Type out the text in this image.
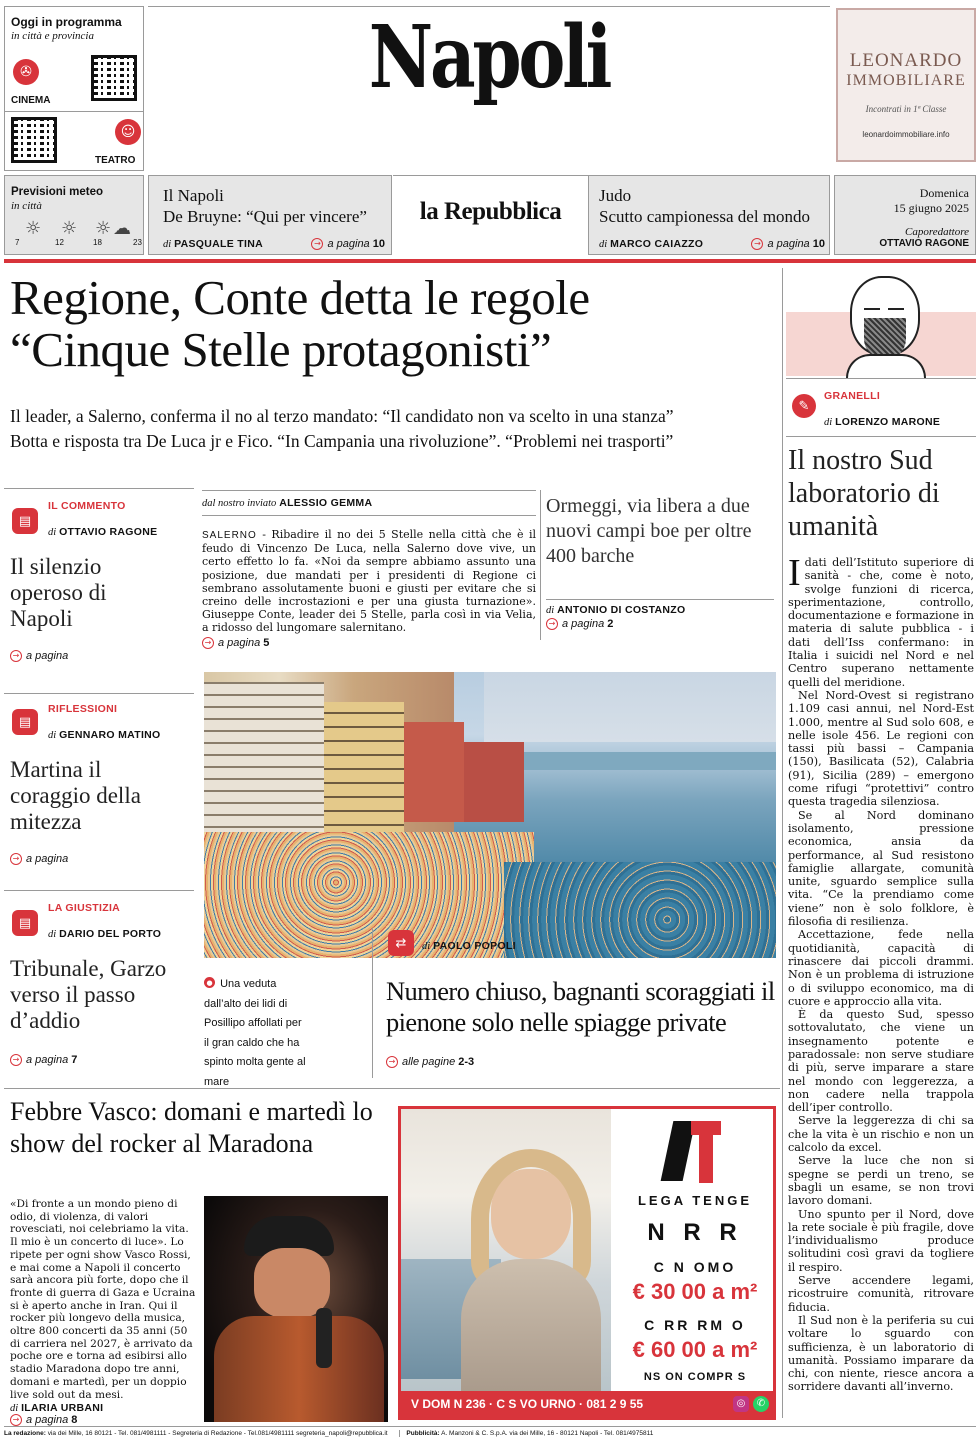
Oggi in programma
in città e provincia
✇
CINEMA
☺
TEATRO
Napoli	LEONARDO
IMMOBILIARE
Incontrati in 1ª Classe
leonardoimmobiliare.info
Previsioni meteo
in città
☼ ☼ ☼ ☁
7	12	18	23
Il Napoli
De Bruyne: “Qui per vincere”
di PASQUALE TINA	→ a pagina 10
la Repubblica
Judo
Scutto campionessa del mondo
di MARCO CAIAZZO	→ a pagina 10
Domenica
15 giugno 2025
Caporedattore
OTTAVIO RAGONE
Regione, Conte detta le regole
“Cinque Stelle protagonisti”
Il leader, a Salerno, conferma il no al terzo mandato: “Il candidato non va scelto in una stanza”
Botta e risposta tra De Luca jr e Fico. “In Campania una rivoluzione”. “Problemi nei trasporti”
▤
IL COMMENTO
di OTTAVIO RAGONE
Il silenzio operoso di Napoli
→ a pagina
▤
RIFLESSIONI
di GENNARO MATINO
Martina il coraggio della mitezza
→ a pagina
▤
LA GIUSTIZIA
di DARIO DEL PORTO
Tribunale, Garzo verso il passo d’addio
→ a pagina 7
dal nostro inviato ALESSIO GEMMA

SALERNO - Ribadire il no dei 5 Stelle nella città che è il feudo di Vincenzo De Luca, nella Salerno dove vive, un certo effetto lo fa. «Noi da sempre abbiamo assunto una posizione, due mandati per i presidenti di Regione ci sembrano assolutamente buoni e giusti per evitare che si creino delle incrostazioni e per una giusta turnazione». Giuseppe Conte, leader dei 5 Stelle, parla così in via Velia, a ridosso del lungomare salernitano.

→ a pagina 5
Ormeggi, via libera a due nuovi campi boe per oltre 400 barche
di ANTONIO DI COSTANZO
→ a pagina 2
● Una veduta dall’alto dei lidi di Posillipo affollati per il gran caldo che ha spinto molta gente al mare
⇄	di PAOLO POPOLI
Numero chiuso, bagnanti scoraggiati il pienone solo nelle spiagge private
→ alle pagine 2-3
Febbre Vasco: domani e martedì lo show del rocker al Maradona

«Di fronte a un mondo pieno di odio, di violenza, di valori rovesciati, noi celebriamo la vita. Il mio è un concerto di luce». Lo ripete per ogni show Vasco Rossi, e mai come a Napoli il concerto sarà ancora più forte, dopo che il fronte di guerra di Gaza e Ucraina si è aperto anche in Iran. Qui il rocker più longevo della musica, oltre 800 concerti da 35 anni (50 di carriera nel 2027, è arrivato da poche ore e torna ad esibirsi allo stadio Maradona dopo tre anni, domani e martedì, per un doppio live sold out da mesi.

di ILARIA URBANI
→ a pagina 8
LEGA TENGE
N R R
C N OMO
€ 30 00 a m²
C RR RM O
€ 60 00 a m²
NS ON COMPR S
V DOM N 236 · C S VO URNO · 081 2 9 55	◎	✆
✎
GRANELLI
di LORENZO MARONE
Il nostro Sud laboratorio di umanità

Idati dell’Istituto superiore di sanità - che, come è noto, svolge funzioni di ricerca, sperimentazione, controllo, documentazione e formazione in materia di salute pubblica - i dati dell’Iss confermano: in Italia i suicidi nel Nord e nel Centro superano nettamente quelli del meridione.

Nel Nord-Ovest si registrano 1.109 casi annui, nel Nord-Est 1.000, mentre al Sud solo 608, e nelle isole 456. Le regioni con tassi più bassi – Campania (150), Basilicata (52), Calabria (91), Sicilia (289) – emergono come rifugi “protettivi” contro questa tragedia silenziosa.

Se al Nord dominano isolamento, pressione economica, ansia da performance, al Sud resistono famiglie allargate, comunità unite, sguardo semplice sulla vita. “Ce la prendiamo come viene” non è solo folklore, è filosofia di resilienza.

Accettazione, fede nella quotidianità, capacità di rinascere dai piccoli drammi. Non è un problema di istruzione o di sviluppo economico, ma di cuore e approccio alla vita.

È da questo Sud, spesso sottovalutato, che viene un insegnamento potente e paradossale: non serve studiare di più, serve imparare a stare nel mondo con leggerezza, a non cadere nella trappola dell’iper controllo.

Serve la leggerezza di chi sa che la vita è un rischio e non un calcolo da excel.

Serve la luce che non si spegne se perdi un treno, se sbagli un esame, se non trovi lavoro domani.

Uno spunto per il Nord, dove la rete sociale è più fragile, dove l’individualismo produce solitudini così gravi da togliere il respiro.

Serve accendere legami, ricostruire comunità, ritrovare fiducia.

Il Sud non è la periferia su cui voltare lo sguardo con sufficienza, è un laboratorio di umanità. Possiamo imparare da chi, con niente, riesce ancora a sorridere davanti all’inverno.

La redazione: via dei Mille, 16 80121 - Tel. 081/4981111 - Segreteria di Redazione - Tel.081/4981111 segreteria_napoli@repubblica.it	Pubblicità: A. Manzoni & C. S.p.A. via dei Mille, 16 - 80121 Napoli - Tel. 081/4975811
